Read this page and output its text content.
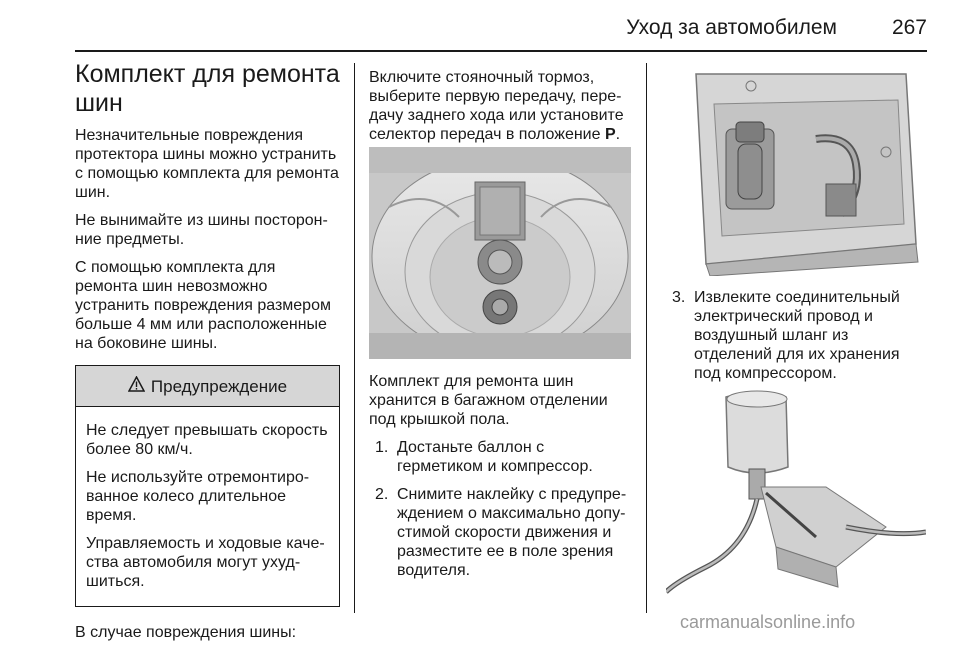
Уход за автомобилем	267
Комплект для ремонта шин

Незначительные повреждения протектора шины можно устранить с помощью комплекта для ремонта шин.

Не вынимайте из шины посторонние предметы.

С помощью комплекта для ремонта шин невозможно устранить повреждения размером больше 4 мм или расположенные на боковине шины.

Предупреждение

Не следует превышать скорость более 80 км/ч.

Не используйте отремонтированное колесо длительное время.

Управляемость и ходовые качества автомобиля могут ухудшиться.

В случае повреждения шины:

Включите стояночный тормоз, выберите первую передачу, передачу заднего хода или установите селектор передач в положение P.

Комплект для ремонта шин хранится в багажном отделении под крышкой пола.

1. Достаньте баллон с герметиком и компрессор.
2. Снимите наклейку с предупреждением о максимально допустимой скорости движения и разместите ее в поле зрения водителя.
3. Извлеките соединительный электрический провод и воздушный шланг из отделений для их хранения под компрессором.
carmanualsonline.info
